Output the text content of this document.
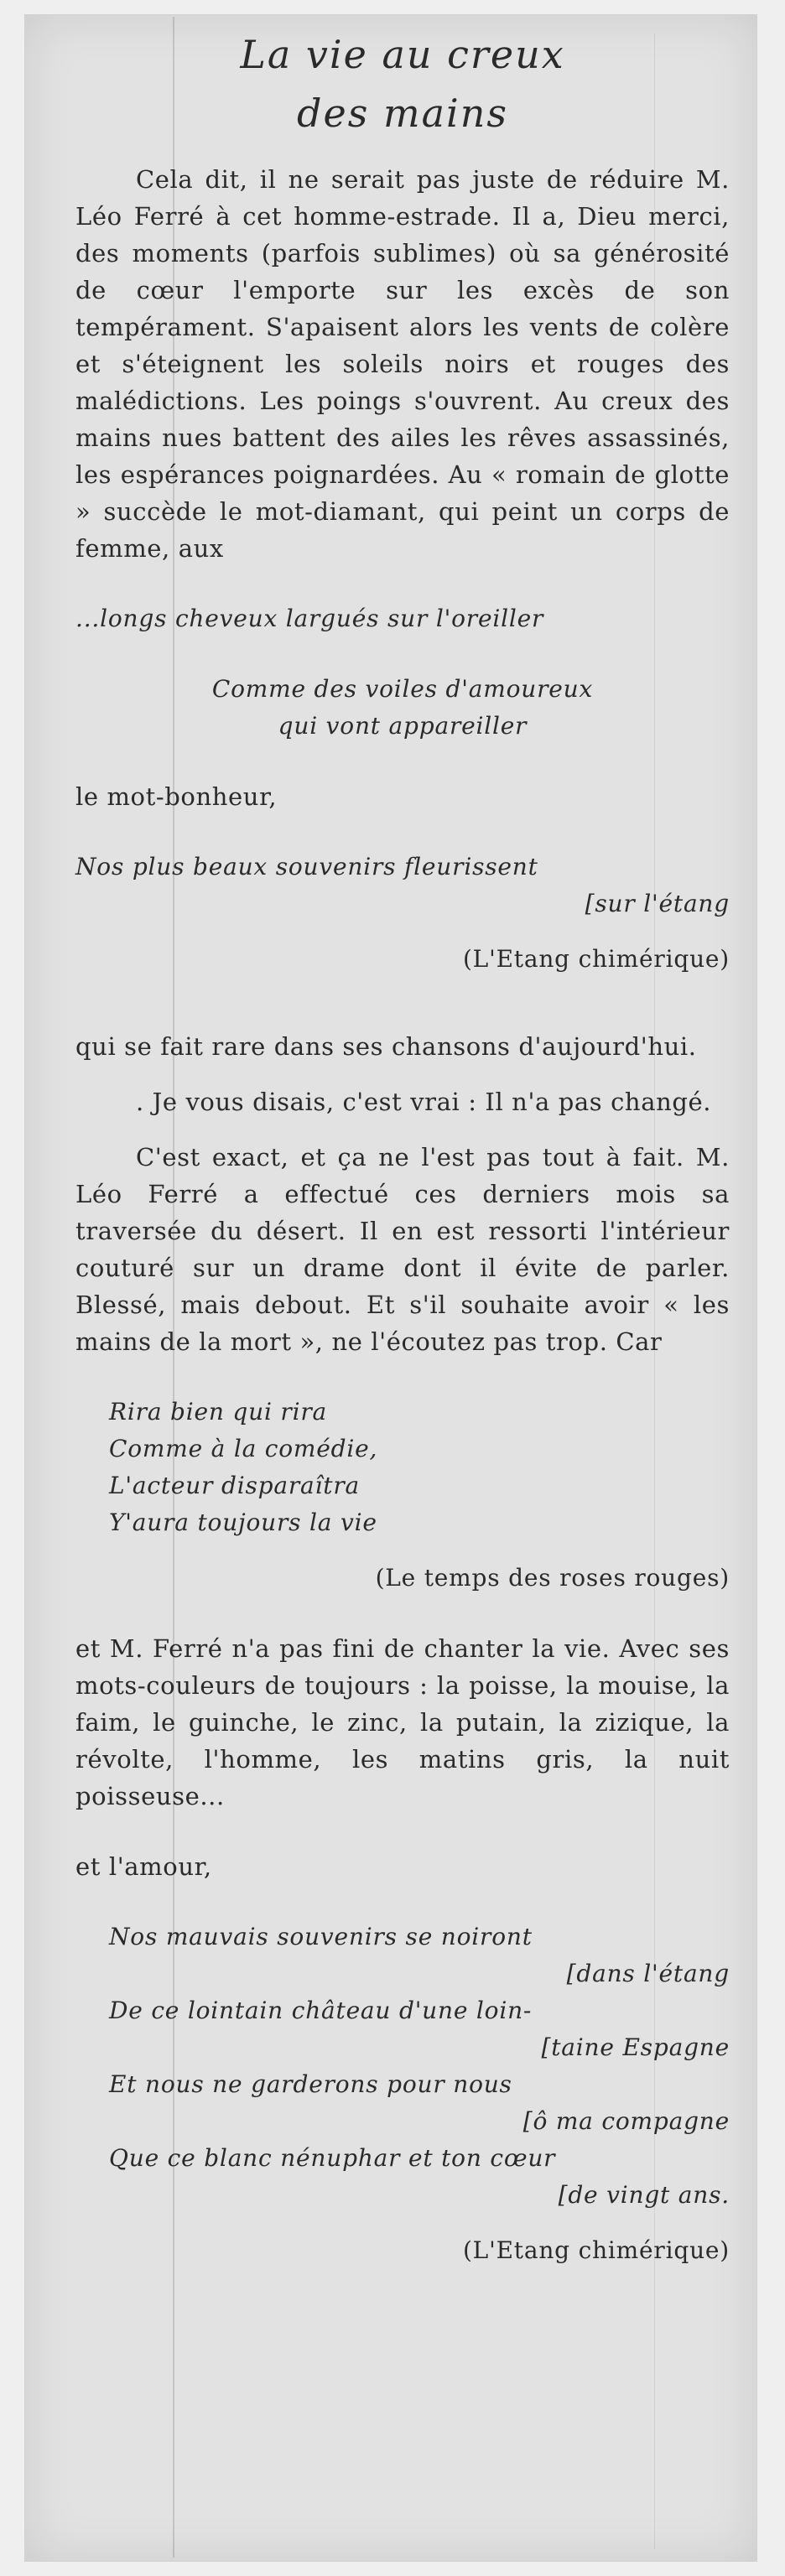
La vie au creux
des mains

Cela dit, il ne serait pas juste de réduire M. Léo Ferré à cet homme-estrade. Il a, Dieu merci, des moments (parfois sublimes) où sa générosité de cœur l'emporte sur les excès de son tempérament. S'apaisent alors les vents de colère et s'éteignent les soleils noirs et rouges des malédictions. Les poings s'ouvrent. Au creux des mains nues battent des ailes les rêves assassinés, les espérances poignardées. Au « romain de glotte » succède le mot-diamant, qui peint un corps de femme, aux

...longs cheveux largués sur l'oreiller

Comme des voiles d'amoureux

qui vont appareiller

le mot-bonheur,

Nos plus beaux souvenirs fleurissent

[sur l'étang

(L'Etang chimérique)

qui se fait rare dans ses chansons d'aujourd'hui.

. Je vous disais, c'est vrai : Il n'a pas changé.

C'est exact, et ça ne l'est pas tout à fait. M. Léo Ferré a effectué ces derniers mois sa traversée du désert. Il en est ressorti l'intérieur couturé sur un drame dont il évite de parler. Blessé, mais debout. Et s'il souhaite avoir « les mains de la mort », ne l'écoutez pas trop. Car

Rira bien qui rira

Comme à la comédie,

L'acteur disparaîtra

Y'aura toujours la vie

(Le temps des roses rouges)

et M. Ferré n'a pas fini de chanter la vie. Avec ses mots-couleurs de toujours : la poisse, la mouise, la faim, le guinche, le zinc, la putain, la zizique, la révolte, l'homme, les matins gris, la nuit poisseuse...

et l'amour,

Nos mauvais souvenirs se noiront

[dans l'étang

De ce lointain château d'une loin-

[taine Espagne

Et nous ne garderons pour nous

[ô ma compagne

Que ce blanc nénuphar et ton cœur

[de vingt ans.

(L'Etang chimérique)
